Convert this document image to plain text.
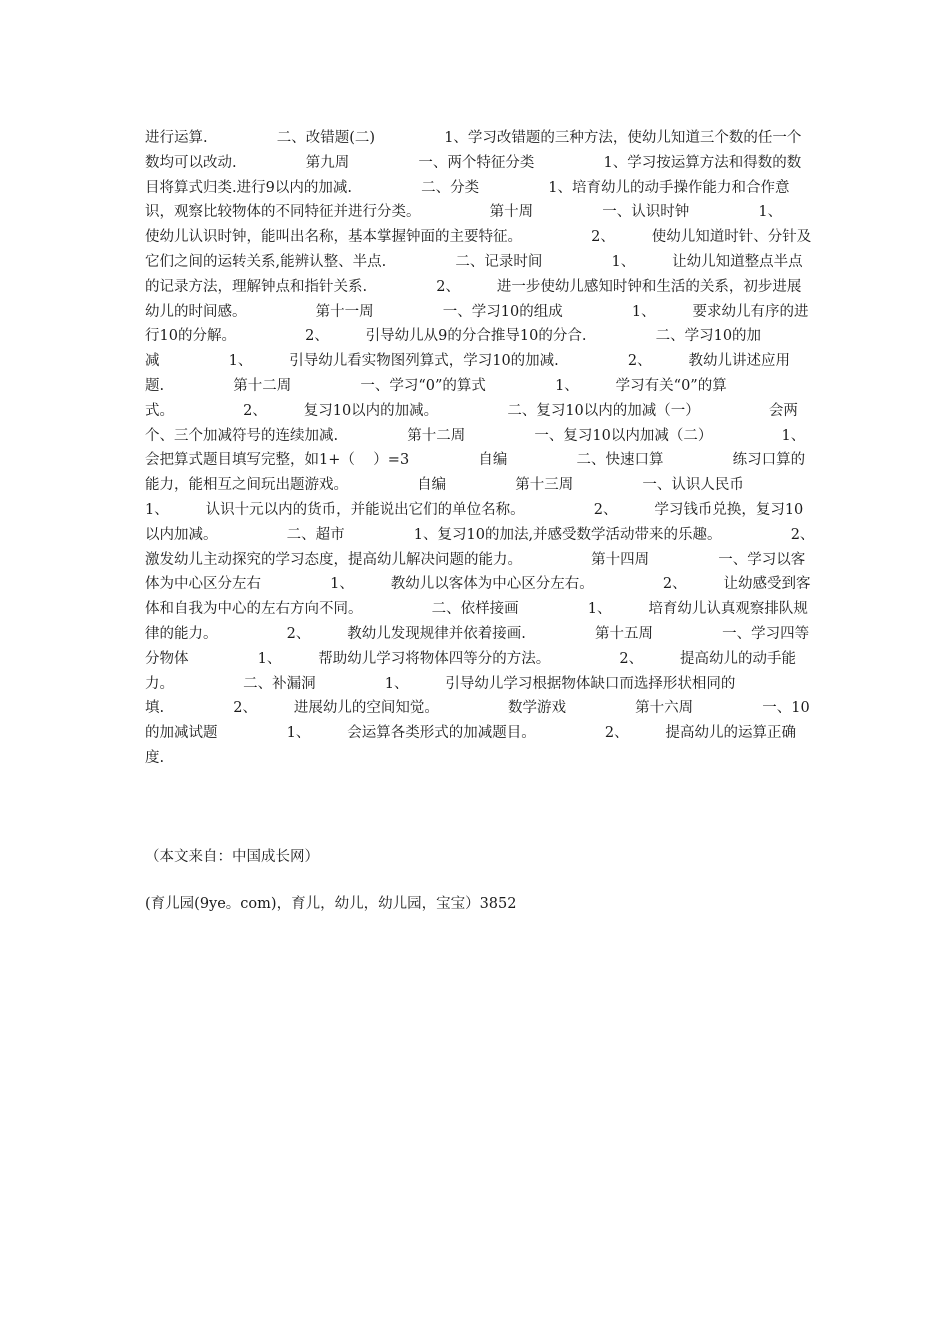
进行运算.               二、改错题(二)               1、学习改错题的三种方法，使幼儿知道三个数的任一个数均可以改动.               第九周               一、两个特征分类               1、学习按运算方法和得数的数目将算式归类.进行9以内的加减.               二、分类               1、培育幼儿的动手操作能力和合作意识，观察比较物体的不同特征并进行分类。               第十周               一、认识时钟               1、        使幼儿认识时钟，能叫出名称，基本掌握钟面的主要特征。               2、        使幼儿知道时针、分针及它们之间的运转关系,能辨认整、半点.               二、记录时间               1、        让幼儿知道整点半点的记录方法，理解钟点和指针关系.               2、        进一步使幼儿感知时钟和生活的关系，初步进展幼儿的时间感。               第十一周               一、学习10的组成               1、        要求幼儿有序的进行10的分解。               2、        引导幼儿从9的分合推导10的分合.               二、学习10的加减               1、        引导幼儿看实物图列算式，学习10的加减.               2、        教幼儿讲述应用题.               第十二周               一、学习“0”的算式               1、        学习有关“0”的算式。               2、        复习10以内的加减。               二、复习10以内的加减（一）               会两个、三个加减符号的连续加减.               第十二周               一、复习10以内加减（二）               1、会把算式题目填写完整，如1+（    ）=3               自编               二、快速口算               练习口算的能力，能相互之间玩出题游戏。               自编               第十三周               一、认识人民币               1、        认识十元以内的货币，并能说出它们的单位名称。               2、        学习钱币兑换，复习10以内加减。               二、超市               1、复习10的加法,并感受数学活动带来的乐趣。               2、激发幼儿主动探究的学习态度，提高幼儿解决问题的能力。               第十四周               一、学习以客体为中心区分左右               1、        教幼儿以客体为中心区分左右。               2、        让幼感受到客体和自我为中心的左右方向不同。               二、依样接画               1、        培育幼儿认真观察排队规律的能力。               2、        教幼儿发现规律并依着接画.               第十五周               一、学习四等分物体               1、        帮助幼儿学习将物体四等分的方法。               2、        提高幼儿的动手能力。               二、补漏洞               1、        引导幼儿学习根据物体缺口而选择形状相同的填.               2、        进展幼儿的空间知觉。               数学游戏               第十六周               一、10的加减试题               1、        会运算各类形式的加减题目。               2、        提高幼儿的运算正确度.

（本文来自：中国成长网）

(育儿园(9ye。com)，育儿，幼儿，幼儿园，宝宝）3852
